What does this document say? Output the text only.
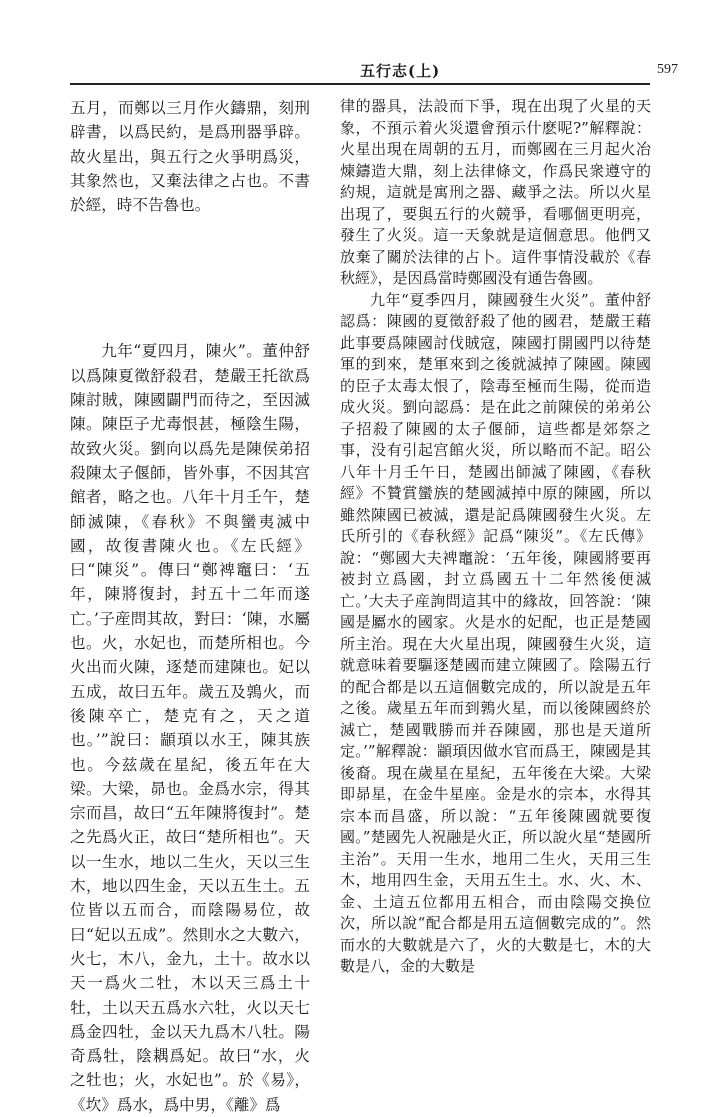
五行志(上)	597

五月，而鄭以三月作火鑄鼎，刻刑辟書，以爲民約，是爲刑器爭辟。故火星出，與五行之火爭明爲災，其象然也，又棄法律之占也。不書於經，時不告魯也。

九年“夏四月，陳火”。董仲舒以爲陳夏徵舒殺君，楚嚴王托欲爲陳討賊，陳國闢門而待之，至因滅陳。陳臣子尤毒恨甚，極陰生陽，故致火災。劉向以爲先是陳侯弟招殺陳太子偃師，皆外事，不因其宫館者，略之也。八年十月壬午，楚師滅陳，《春秋》不與蠻夷滅中國，故復書陳火也。《左氏經》曰“陳災”。傳曰“鄭裨竈曰：‘五年，陳將復封，封五十二年而遂亡。’子産問其故，對曰：‘陳，水屬也。火，水妃也，而楚所相也。今火出而火陳，逐楚而建陳也。妃以五成，故曰五年。歲五及鶉火，而後陳卒亡，楚克有之，天之道也。’”說曰：顓頊以水王，陳其族也。今兹歲在星紀，後五年在大梁。大梁，昴也。金爲水宗，得其宗而昌，故曰“五年陳將復封”。楚之先爲火正，故曰“楚所相也”。天以一生水，地以二生火，天以三生木，地以四生金，天以五生土。五位皆以五而合，而陰陽易位，故曰“妃以五成”。然則水之大數六，火七，木八，金九，土十。故水以天一爲火二牡，木以天三爲土十牡，土以天五爲水六牡，火以天七爲金四牡，金以天九爲木八牡。陽奇爲牡，陰耦爲妃。故曰“水，火之牡也；火，水妃也”。於《易》，《坎》爲水，爲中男，《離》爲

律的器具，法設而下爭，現在出現了火星的天象，不預示着火災還會預示什麽呢?”解釋說：火星出現在周朝的五月，而鄭國在三月起火冶煉鑄造大鼎，刻上法律條文，作爲民衆遵守的約規，這就是寓刑之器、藏爭之法。所以火星出現了，要與五行的火競爭，看哪個更明亮，發生了火災。這一天象就是這個意思。他們又放棄了關於法律的占卜。這件事情没載於《春秋經》，是因爲當時鄭國没有通告魯國。

九年“夏季四月，陳國發生火災”。董仲舒認爲：陳國的夏徵舒殺了他的國君，楚嚴王藉此事要爲陳國討伐賊寇，陳國打開國門以待楚軍的到來，楚軍來到之後就滅掉了陳國。陳國的臣子太毒太恨了，陰毒至極而生陽，從而造成火災。劉向認爲：是在此之前陳侯的弟弟公子招殺了陳國的太子偃師，這些都是郊祭之事，没有引起宫館火災，所以略而不記。昭公八年十月壬午日，楚國出師滅了陳國，《春秋經》不贊賞蠻族的楚國滅掉中原的陳國，所以雖然陳國已被滅，還是記爲陳國發生火災。左氏所引的《春秋經》記爲“陳災”。《左氏傳》說：“鄭國大夫裨竈說：‘五年後，陳國將要再被封立爲國，封立爲國五十二年然後便滅亡。’大夫子産詢問這其中的緣故，回答說：‘陳國是屬水的國家。火是水的妃配，也正是楚國所主治。現在大火星出現，陳國發生火災，這就意味着要驅逐楚國而建立陳國了。陰陽五行的配合都是以五這個數完成的，所以說是五年之後。歲星五年而到鶉火星，而以後陳國終於滅亡，楚國戰勝而并吞陳國，那也是天道所定。’”解釋說：顓頊因做水官而爲王，陳國是其後裔。現在歲星在星紀，五年後在大梁。大梁即昴星，在金牛星座。金是水的宗本，水得其宗本而昌盛，所以說：“五年後陳國就要復國。”楚國先人祝融是火正，所以說火星“楚國所主治”。天用一生水，地用二生火，天用三生木，地用四生金，天用五生土。水、火、木、金、土這五位都用五相合，而由陰陽交换位次，所以說“配合都是用五這個數完成的”。然而水的大數就是六了，火的大數是七，木的大數是八，金的大數是
